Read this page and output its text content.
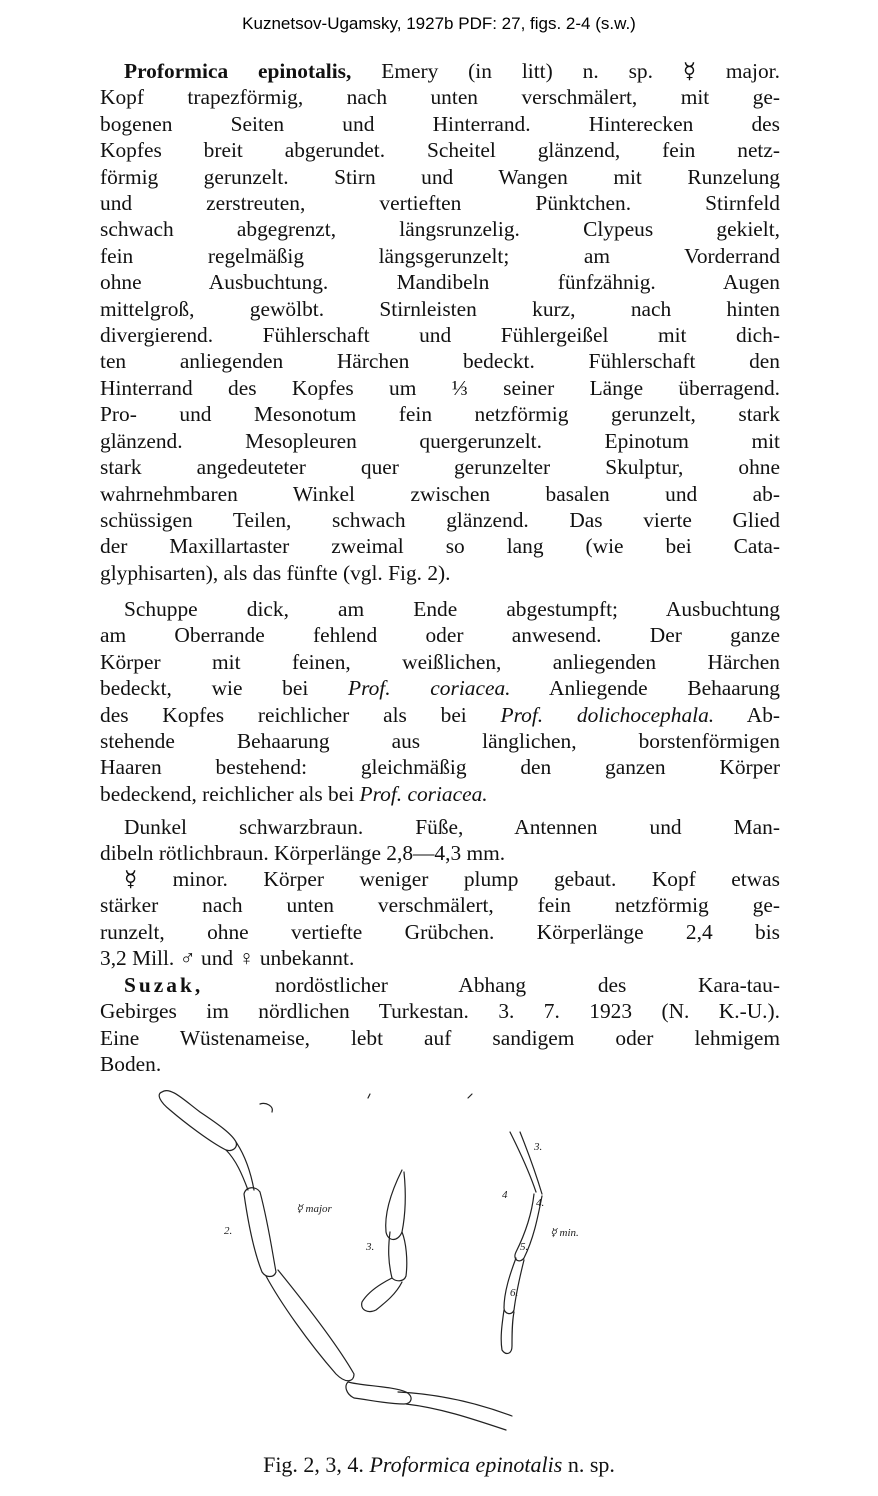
Kuznetsov-Ugamsky, 1927b PDF: 27, figs. 2-4 (s.w.)
Proformica epinotalis, Emery (in litt) n. sp. ☿ major.
Kopf trapezförmig, nach unten verschmälert, mit ge-
bogenen Seiten und Hinterrand. Hinterecken des
Kopfes breit abgerundet. Scheitel glänzend, fein netz-
förmig gerunzelt. Stirn und Wangen mit Runzelung
und zerstreuten, vertieften Pünktchen. Stirnfeld
schwach abgegrenzt, längsrunzelig. Clypeus gekielt,
fein regelmäßig längsgerunzelt; am Vorderrand
ohne Ausbuchtung. Mandibeln fünfzähnig. Augen
mittelgroß, gewölbt. Stirnleisten kurz, nach hinten
divergierend. Fühlerschaft und Fühlergeißel mit dich-
ten anliegenden Härchen bedeckt. Fühlerschaft den
Hinterrand des Kopfes um ⅓ seiner Länge überragend.
Pro- und Mesonotum fein netzförmig gerunzelt, stark
glänzend. Mesopleuren quergerunzelt. Epinotum mit
stark angedeuteter quer gerunzelter Skulptur, ohne
wahrnehmbaren Winkel zwischen basalen und ab-
schüssigen Teilen, schwach glänzend. Das vierte Glied
der Maxillartaster zweimal so lang (wie bei Cata-
glyphisarten), als das fünfte (vgl. Fig. 2).
Schuppe dick, am Ende abgestumpft; Ausbuchtung
am Oberrande fehlend oder anwesend. Der ganze
Körper mit feinen, weißlichen, anliegenden Härchen
bedeckt, wie bei Prof. coriacea. Anliegende Behaarung
des Kopfes reichlicher als bei Prof. dolichocephala. Ab-
stehende Behaarung aus länglichen, borstenförmigen
Haaren bestehend: gleichmäßig den ganzen Körper
bedeckend, reichlicher als bei Prof. coriacea.
Dunkel schwarzbraun. Füße, Antennen und Man-
dibeln rötlichbraun. Körperlänge 2,8—4,3 mm.
☿ minor. Körper weniger plump gebaut. Kopf etwas
stärker nach unten verschmälert, fein netzförmig ge-
runzelt, ohne vertiefte Grübchen. Körperlänge 2,4 bis
3,2 Mill. ♂ und ♀ unbekannt.
Suzak, nordöstlicher Abhang des Kara-tau-
Gebirges im nördlichen Turkestan. 3. 7. 1923 (N. K.-U.).
Eine Wüstenameise, lebt auf sandigem oder lehmigem
Boden.
2.
☿ major
3.
3.
4
4.
5.
6.
☿ min.
Fig. 2, 3, 4. Proformica epinotalis n. sp.
